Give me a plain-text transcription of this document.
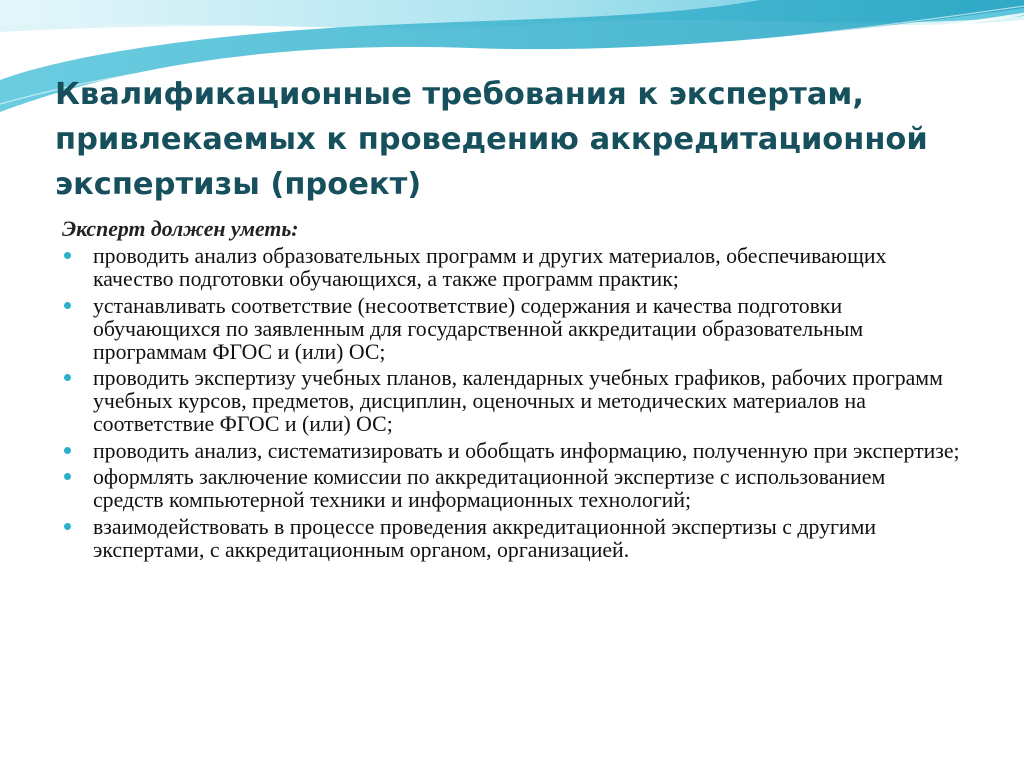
Квалификационные требования к экспертам, привлекаемых к проведению аккредитационной экспертизы (проект)
Эксперт должен уметь:
проводить анализ образовательных программ и других материалов, обеспечивающих качество подготовки обучающихся, а также программ практик;
устанавливать соответствие (несоответствие) содержания и качества подготовки обучающихся по заявленным для государственной аккредитации образовательным программам ФГОС и (или) ОС;
проводить экспертизу учебных планов, календарных учебных графиков, рабочих программ учебных курсов, предметов, дисциплин, оценочных и методических материалов на соответствие ФГОС и (или) ОС;
проводить анализ, систематизировать и обобщать информацию, полученную при экспертизе;
оформлять заключение комиссии по аккредитационной экспертизе с использованием средств компьютерной техники и информационных технологий;
взаимодействовать в процессе проведения аккредитационной экспертизы с другими экспертами, с аккредитационным органом, организацией.
